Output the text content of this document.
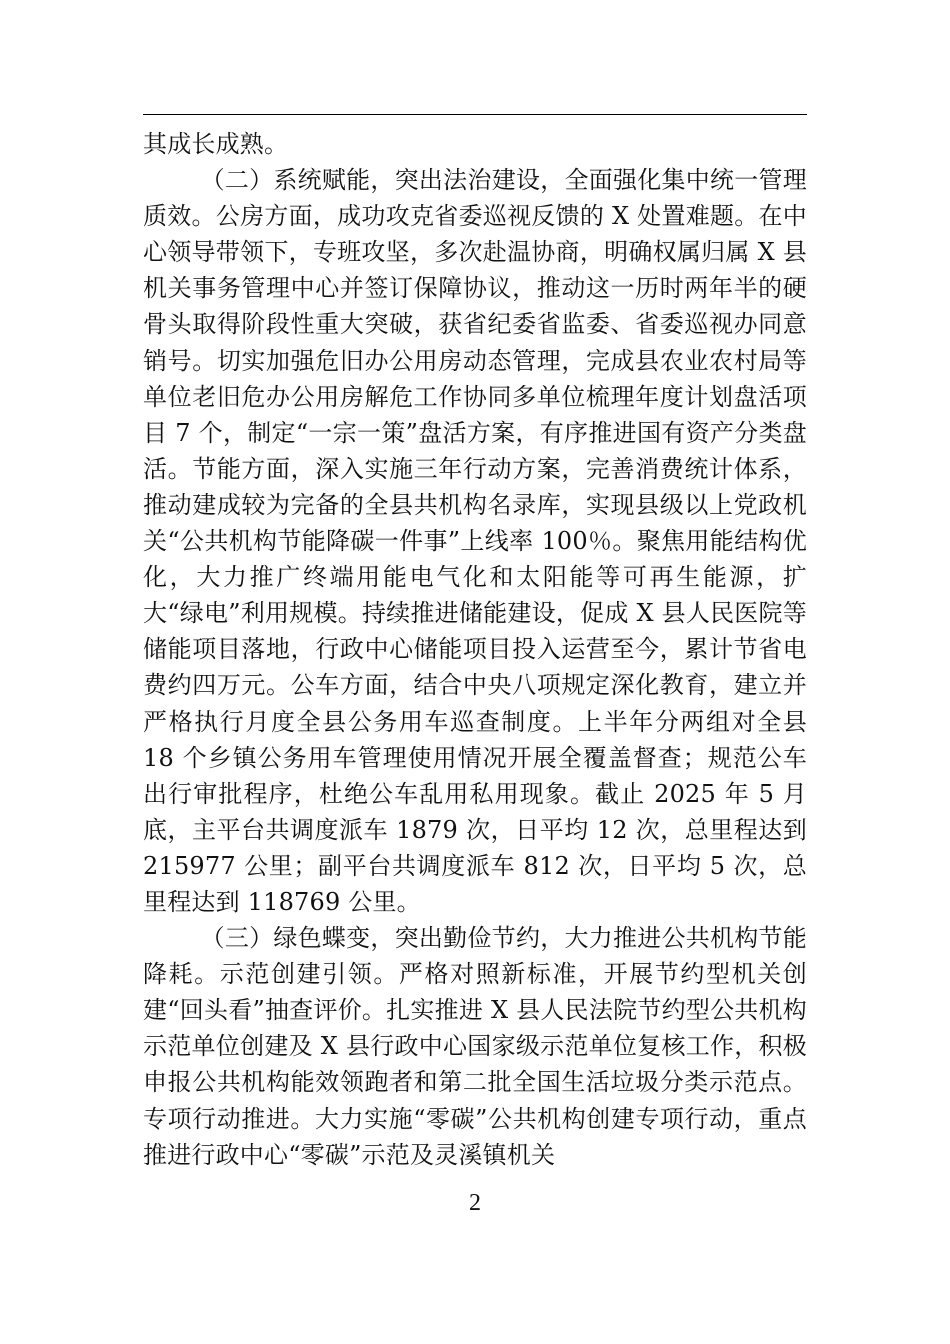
其成长成熟。

（二）系统赋能，突出法治建设，全面强化集中统一管理质效。公房方面，成功攻克省委巡视反馈的 X 处置难题。在中心领导带领下，专班攻坚，多次赴温协商，明确权属归属 X 县机关事务管理中心并签订保障协议，推动这一历时两年半的硬骨头取得阶段性重大突破，获省纪委省监委、省委巡视办同意销号。切实加强危旧办公用房动态管理，完成县农业农村局等单位老旧危办公用房解危工作协同多单位梳理年度计划盘活项目 7 个，制定“一宗一策”盘活方案，有序推进国有资产分类盘活。节能方面，深入实施三年行动方案，完善消费统计体系，推动建成较为完备的全县共机构名录库，实现县级以上党政机关“公共机构节能降碳一件事”上线率 100％。聚焦用能结构优化，大力推广终端用能电气化和太阳能等可再生能源，扩大“绿电”利用规模。持续推进储能建设，促成 X 县人民医院等储能项目落地，行政中心储能项目投入运营至今，累计节省电费约四万元。公车方面，结合中央八项规定深化教育，建立并严格执行月度全县公务用车巡查制度。上半年分两组对全县 18 个乡镇公务用车管理使用情况开展全覆盖督查；规范公车出行审批程序，杜绝公车乱用私用现象。截止 2025 年 5 月底，主平台共调度派车 1879 次，日平均 12 次，总里程达到 215977 公里；副平台共调度派车 812 次，日平均 5 次，总里程达到 118769 公里。

（三）绿色蝶变，突出勤俭节约，大力推进公共机构节能降耗。示范创建引领。严格对照新标准，开展节约型机关创建“回头看”抽查评价。扎实推进 X 县人民法院节约型公共机构示范单位创建及 X 县行政中心国家级示范单位复核工作，积极申报公共机构能效领跑者和第二批全国生活垃圾分类示范点。专项行动推进。大力实施“零碳”公共机构创建专项行动，重点推进行政中心“零碳”示范及灵溪镇机关

2
